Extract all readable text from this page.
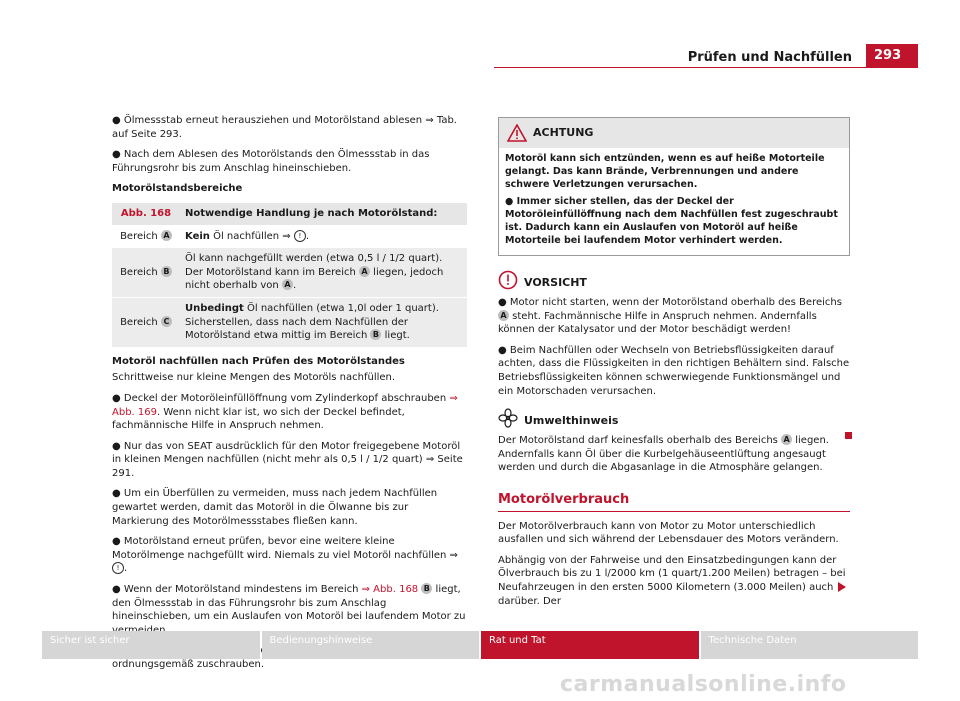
Prüfen und Nachfüllen	293

● Ölmessstab erneut herausziehen und Motorölstand ablesen ⇒ Tab. auf Seite 293.

● Nach dem Ablesen des Motorölstands den Ölmessstab in das Führungsrohr bis zum Anschlag hineinschieben.

Motorölstandsbereiche

Abb. 168	Notwendige Handlung je nach Motorölstand:
Bereich A	Kein Öl nachfüllen ⇒ ! .
Bereich B	Öl kann nachgefüllt werden (etwa 0,5 l / 1/2 quart). Der Motorölstand kann im Bereich A liegen, jedoch nicht oberhalb von A .
Bereich C	Unbedingt Öl nachfüllen (etwa 1,0l oder 1 quart). Sicherstellen, dass nach dem Nachfüllen der Motorölstand etwa mittig im Bereich B liegt.

Motoröl nachfüllen nach Prüfen des Motorölstandes

Schrittweise nur kleine Mengen des Motoröls nachfüllen.

● Deckel der Motoröleinfüllöffnung vom Zylinderkopf abschrauben ⇒ Abb. 169. Wenn nicht klar ist, wo sich der Deckel befindet, fachmännische Hilfe in Anspruch nehmen.

● Nur das von SEAT ausdrücklich für den Motor freigegebene Motoröl in kleinen Mengen nachfüllen (nicht mehr als 0,5 l / 1/2 quart) ⇒ Seite 291.

● Um ein Überfüllen zu vermeiden, muss nach jedem Nachfüllen gewartet werden, damit das Motoröl in die Ölwanne bis zur Markierung des Motorölmessstabes fließen kann.

● Motorölstand erneut prüfen, bevor eine weitere kleine Motorölmenge nachgefüllt wird. Niemals zu viel Motoröl nachfüllen ⇒ ! .

● Wenn der Motorölstand mindestens im Bereich ⇒ Abb. 168 B liegt, den Ölmessstab in das Führungsrohr bis zum Anschlag hineinschieben, um ein Auslaufen von Motoröl bei laufendem Motor zu

ordnungsgemäß zuschrauben.

ACHTUNG

Motoröl kann sich entzünden, wenn es auf heiße Motorteile gelangt. Das kann Brände, Verbrennungen und andere schwere Verletzungen verursachen.

● Immer sicher stellen, das der Deckel der Motoröleinfüllöffnung nach dem Nachfüllen fest zugeschraubt ist. Dadurch kann ein Auslaufen von Motoröl auf heiße Motorteile bei laufendem Motor verhindert werden.

VORSICHT

● Motor nicht starten, wenn der Motorölstand oberhalb des Bereichs A steht. Fachmännische Hilfe in Anspruch nehmen. Andernfalls können der Katalysator und der Motor beschädigt werden!

● Beim Nachfüllen oder Wechseln von Betriebsflüssigkeiten darauf achten, dass die Flüssigkeiten in den richtigen Behältern sind. Falsche Betriebsflüssigkeiten können schwerwiegende Funktionsmängel und ein Motorschaden verursachen.

Umwelthinweis

Der Motorölstand darf keinesfalls oberhalb des Bereichs A liegen. Andernfalls kann Öl über die Kurbelgehäuseentlüftung angesaugt werden und durch die Abgasanlage in die Atmosphäre gelangen.

Motorölverbrauch

Der Motorölverbrauch kann von Motor zu Motor unterschiedlich ausfallen und sich während der Lebensdauer des Motors verändern.

Abhängig von der Fahrweise und den Einsatzbedingungen kann der Ölverbrauch bis zu 1 l/2000 km (1 quart/1.200 Meilen) betragen – bei Neufahrzeugen in den ersten 5000 Kilometern (3.000 Meilen) auch darüber. Der

Sicher ist sicher	Bedienungshinweise	Rat und Tat	Technische Daten
carmanualsonline.info
